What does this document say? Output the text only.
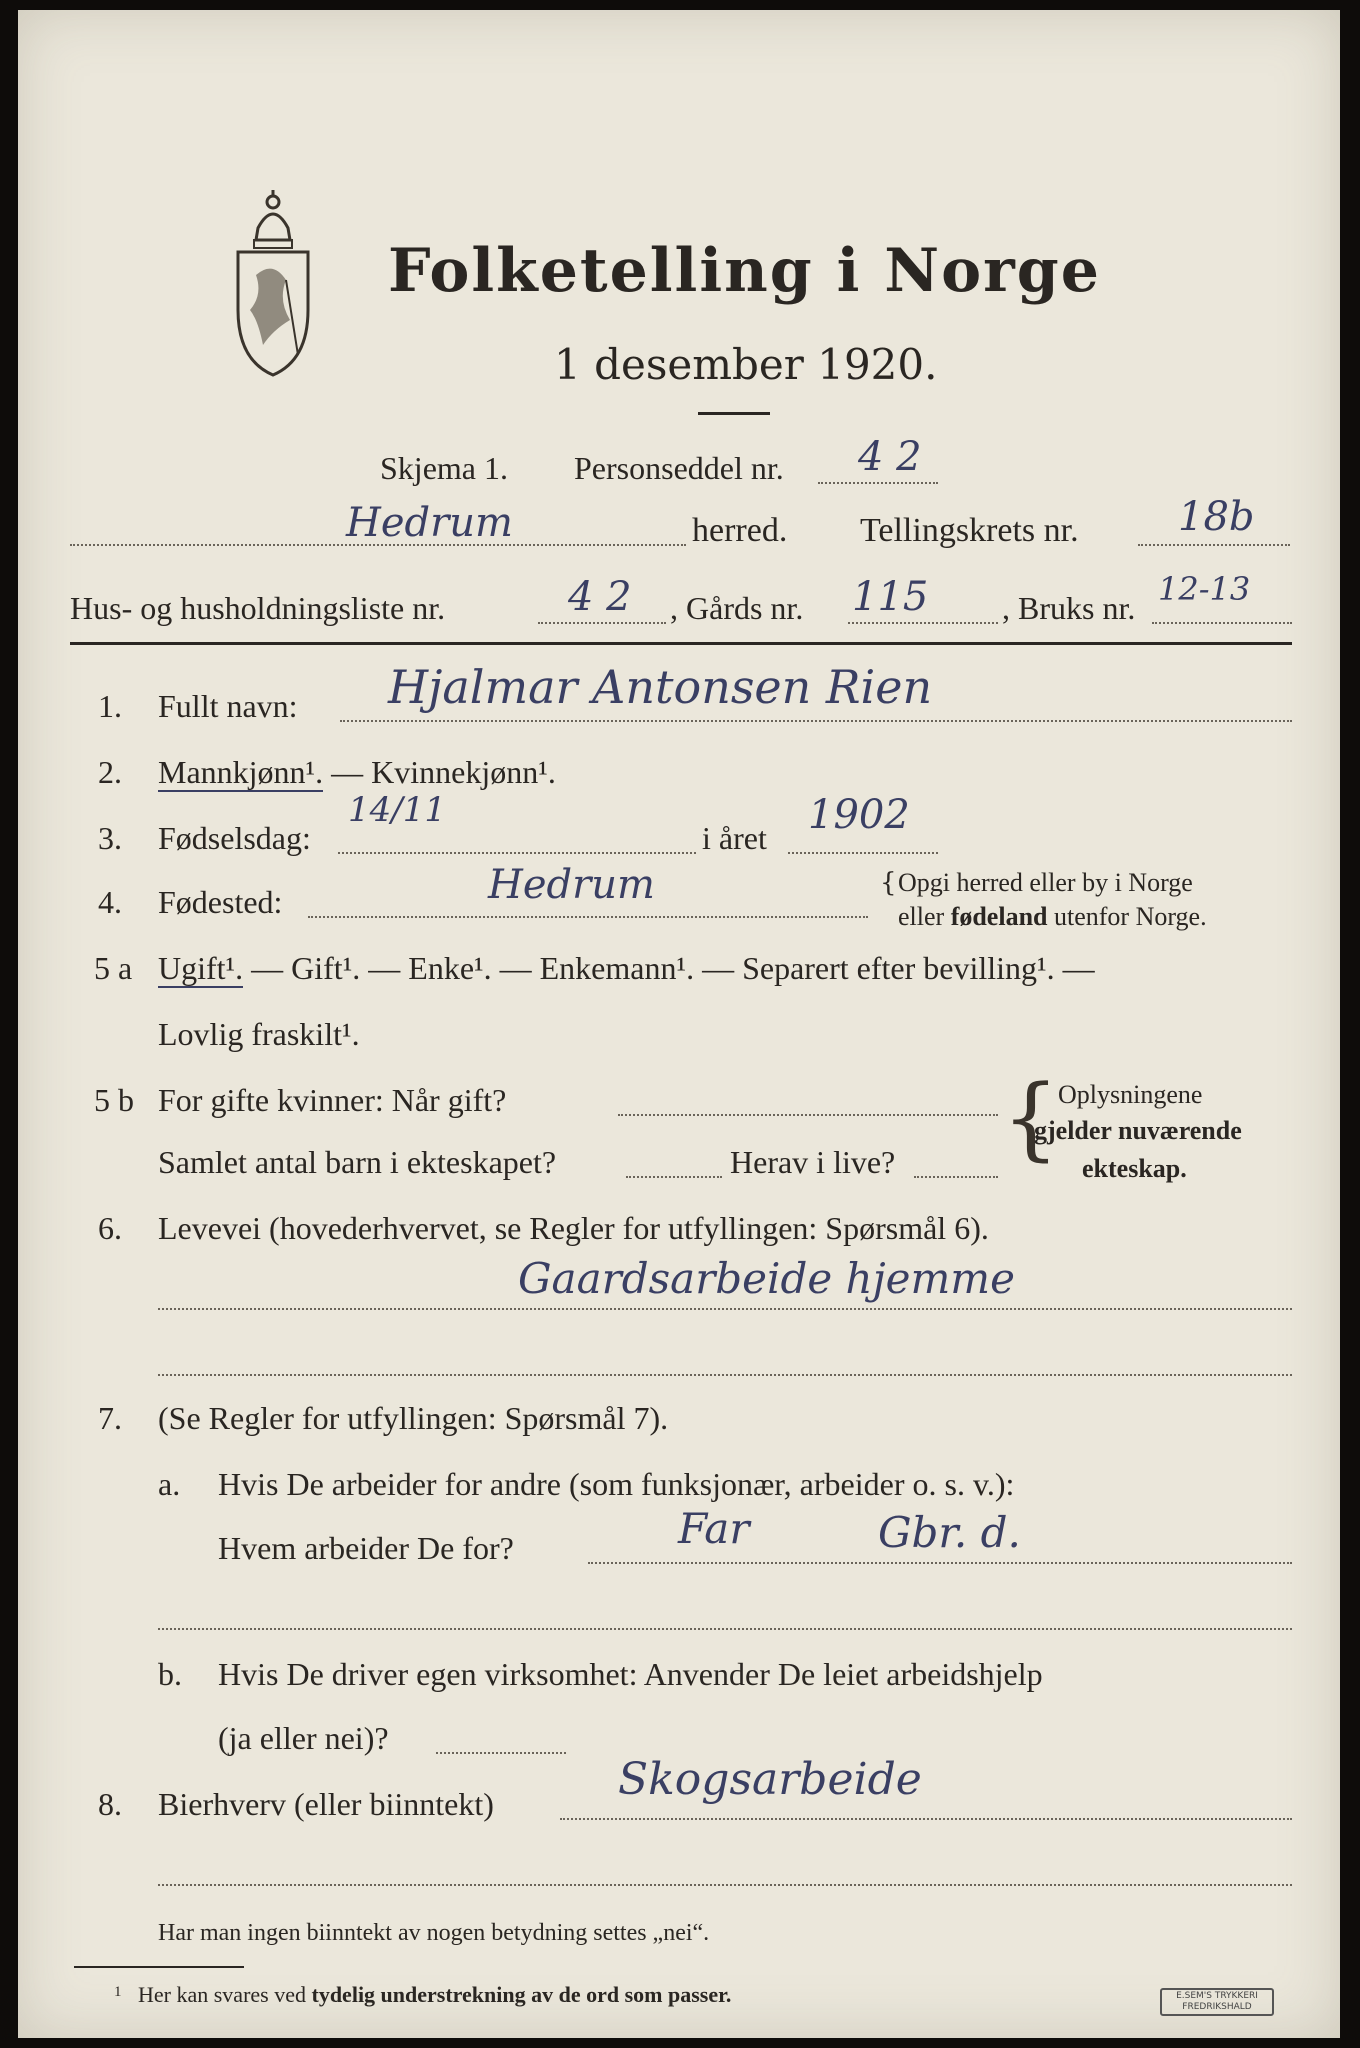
Folketelling i Norge
1 desember 1920.
Skjema 1. Personseddel nr. 4 2
Hedrum	herred. Tellingskrets nr. 18b
Hus- og husholdningsliste nr.	4 2 , Gårds nr. 115 , Bruks nr. 12-13
1. Fullt navn: Hjalmar Antonsen Rien
2. Mannkjønn¹. — Kvinnekjønn¹.
3. Fødselsdag:
14/11
i året 1902
4. Fødested:	Hedrum	{ Opgi herred eller by i Norge
eller fødeland utenfor Norge.
5 a Ugift¹. — Gift¹. — Enke¹. — Enkemann¹. — Separert efter bevilling¹. —
Lovlig fraskilt¹.
5 b For gifte kvinner: Når gift?
Samlet antal barn i ekteskapet?	Herav i live? {
Oplysningene
gjelder nuværende
ekteskap.
6. Levevei (hovederhvervet, se Regler for utfyllingen: Spørsmål 6).
Gaardsarbeide hjemme
7. (Se Regler for utfyllingen: Spørsmål 7).
a. Hvis De arbeider for andre (som funksjonær, arbeider o. s. v.):
Hvem arbeider De for?	Far	Gbr. d.
b. Hvis De driver egen virksomhet: Anvender De leiet arbeidshjelp
(ja eller nei)?
8. Bierhverv (eller biinntekt)	Skogsarbeide
Har man ingen biinntekt av nogen betydning settes „nei“.
1 Her kan svares ved tydelig understrekning av de ord som passer.	E.SEM'S TRYKKERI
FREDRIKSHALD
